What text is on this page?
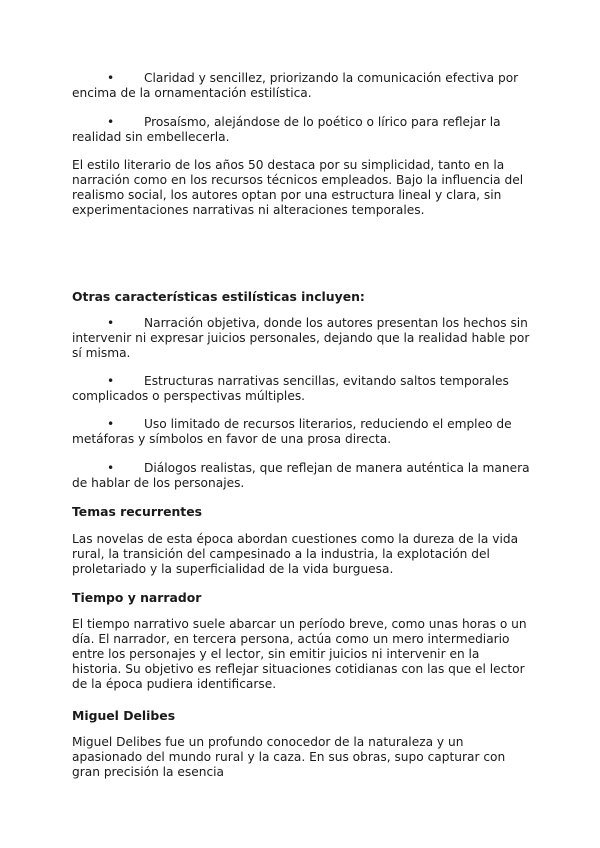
• Claridad y sencillez, priorizando la comunicación efectiva por encima de la ornamentación estilística.

• Prosaísmo, alejándose de lo poético o lírico para reflejar la realidad sin embellecerla.

El estilo literario de los años 50 destaca por su simplicidad, tanto en la narración como en los recursos técnicos empleados. Bajo la influencia del realismo social, los autores optan por una estructura lineal y clara, sin experimentaciones narrativas ni alteraciones temporales.

Otras características estilísticas incluyen:

• Narración objetiva, donde los autores presentan los hechos sin intervenir ni expresar juicios personales, dejando que la realidad hable por sí misma.

• Estructuras narrativas sencillas, evitando saltos temporales complicados o perspectivas múltiples.

• Uso limitado de recursos literarios, reduciendo el empleo de metáforas y símbolos en favor de una prosa directa.

• Diálogos realistas, que reflejan de manera auténtica la manera de hablar de los personajes.

Temas recurrentes

Las novelas de esta época abordan cuestiones como la dureza de la vida rural, la transición del campesinado a la industria, la explotación del proletariado y la superficialidad de la vida burguesa.

Tiempo y narrador

El tiempo narrativo suele abarcar un período breve, como unas horas o un día. El narrador, en tercera persona, actúa como un mero intermediario entre los personajes y el lector, sin emitir juicios ni intervenir en la historia. Su objetivo es reflejar situaciones cotidianas con las que el lector de la época pudiera identificarse.

Miguel Delibes

Miguel Delibes fue un profundo conocedor de la naturaleza y un apasionado del mundo rural y la caza. En sus obras, supo capturar con gran precisión la esencia
